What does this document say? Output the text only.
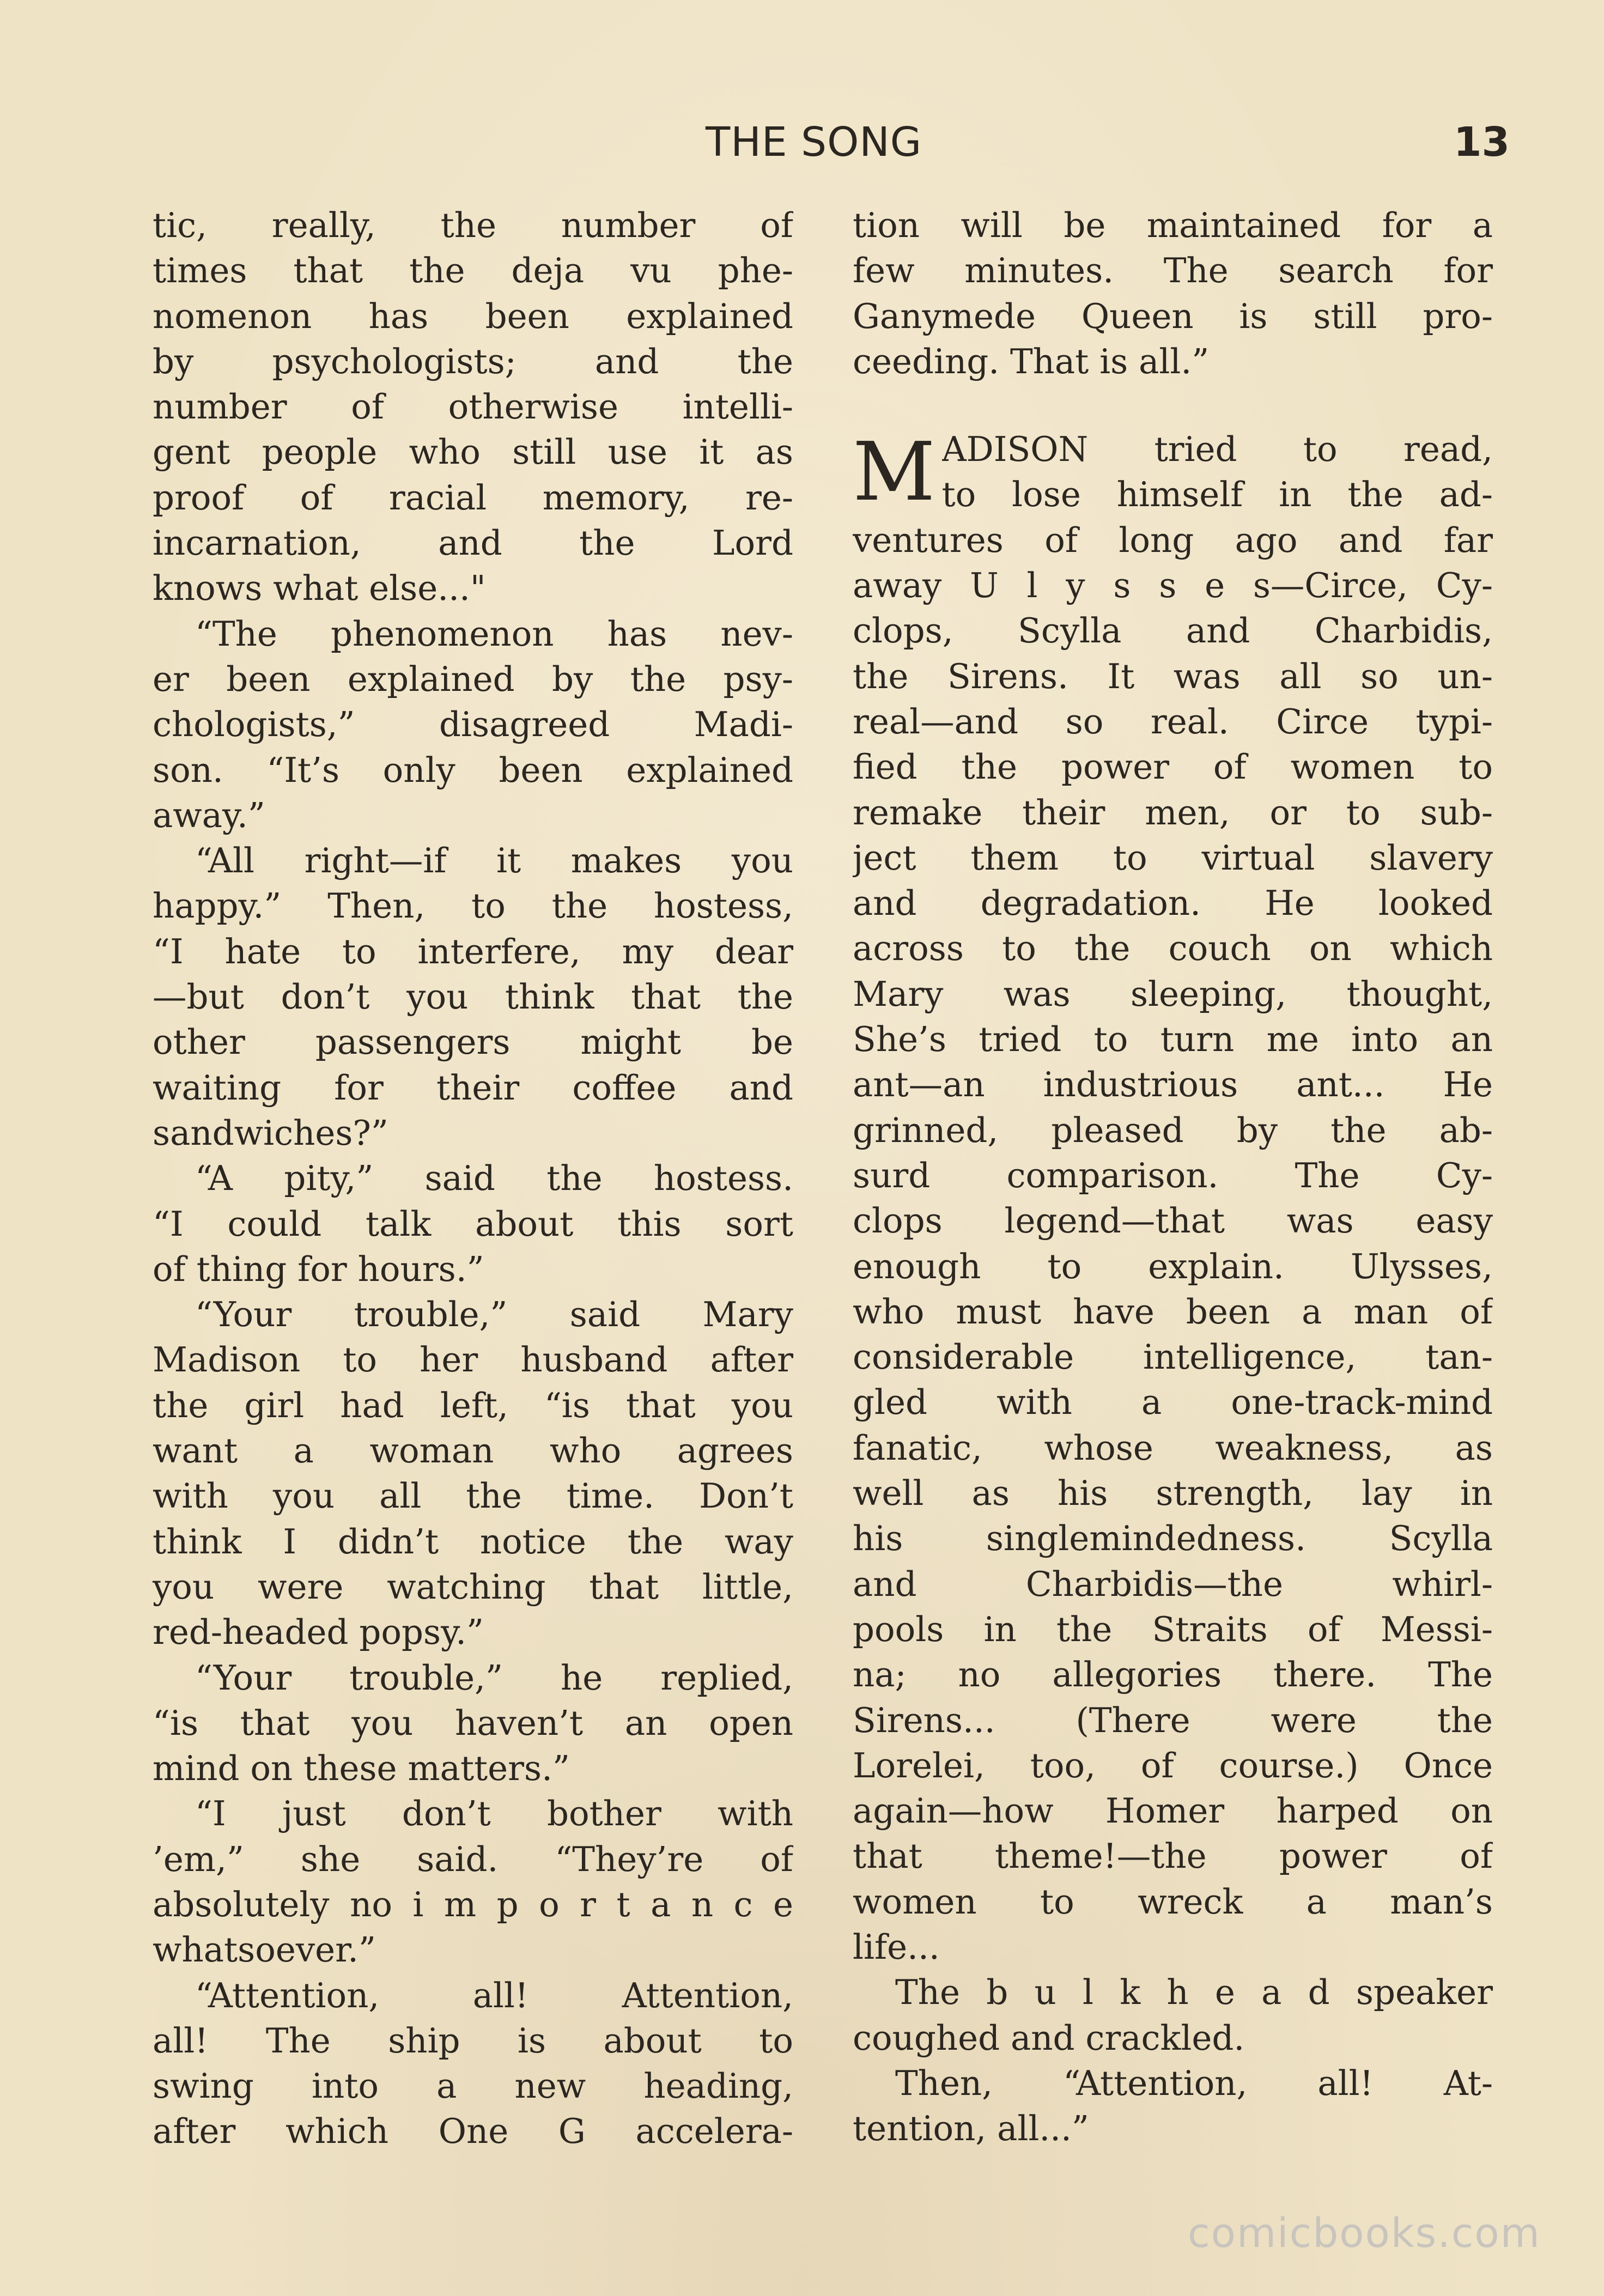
THE SONG	13
tic, really, the number of
times that the deja vu phe-
nomenon has been explained
by psychologists; and the
number of otherwise intelli-
gent people who still use it as
proof of racial memory, re-
incarnation, and the Lord
knows what else..."
“The phenomenon has nev-
er been explained by the psy-
chologists,” disagreed Madi-
son. “It’s only been explained
away.”
“All right—if it makes you
happy.” Then, to the hostess,
“I hate to interfere, my dear
—but don’t you think that the
other passengers might be
waiting for their coffee and
sandwiches?”
“A pity,” said the hostess.
“I could talk about this sort
of thing for hours.”
“Your trouble,” said Mary
Madison to her husband after
the girl had left, “is that you
want a woman who agrees
with you all the time. Don’t
think I didn’t notice the way
you were watching that little,
red-headed popsy.”
“Your trouble,” he replied,
“is that you haven’t an open
mind on these matters.”
“I just don’t bother with
’em,” she said. “They’re of
absolutely no i m p o r t a n c e
whatsoever.”
“Attention, all! Attention,
all! The ship is about to
swing into a new heading,
after which One G accelera-
tion will be maintained for a
few minutes. The search for
Ganymede Queen is still pro-
ceeding. That is all.”
M ADISON tried to read,
to lose himself in the ad-
ventures of long ago and far
away U l y s s e s—Circe, Cy-
clops, Scylla and Charbidis,
the Sirens. It was all so un-
real—and so real. Circe typi-
fied the power of women to
remake their men, or to sub-
ject them to virtual slavery
and degradation. He looked
across to the couch on which
Mary was sleeping, thought,
She’s tried to turn me into an
ant—an industrious ant... He
grinned, pleased by the ab-
surd comparison. The Cy-
clops legend—that was easy
enough to explain. Ulysses,
who must have been a man of
considerable intelligence, tan-
gled with a one-track-mind
fanatic, whose weakness, as
well as his strength, lay in
his singlemindedness. Scylla
and Charbidis—the whirl-
pools in the Straits of Messi-
na; no allegories there. The
Sirens... (There were the
Lorelei, too, of course.) Once
again—how Homer harped on
that theme!—the power of
women to wreck a man’s
life...
The b u l k h e a d speaker
coughed and crackled.
Then, “Attention, all! At-
tention, all...”
comicbooks.com
